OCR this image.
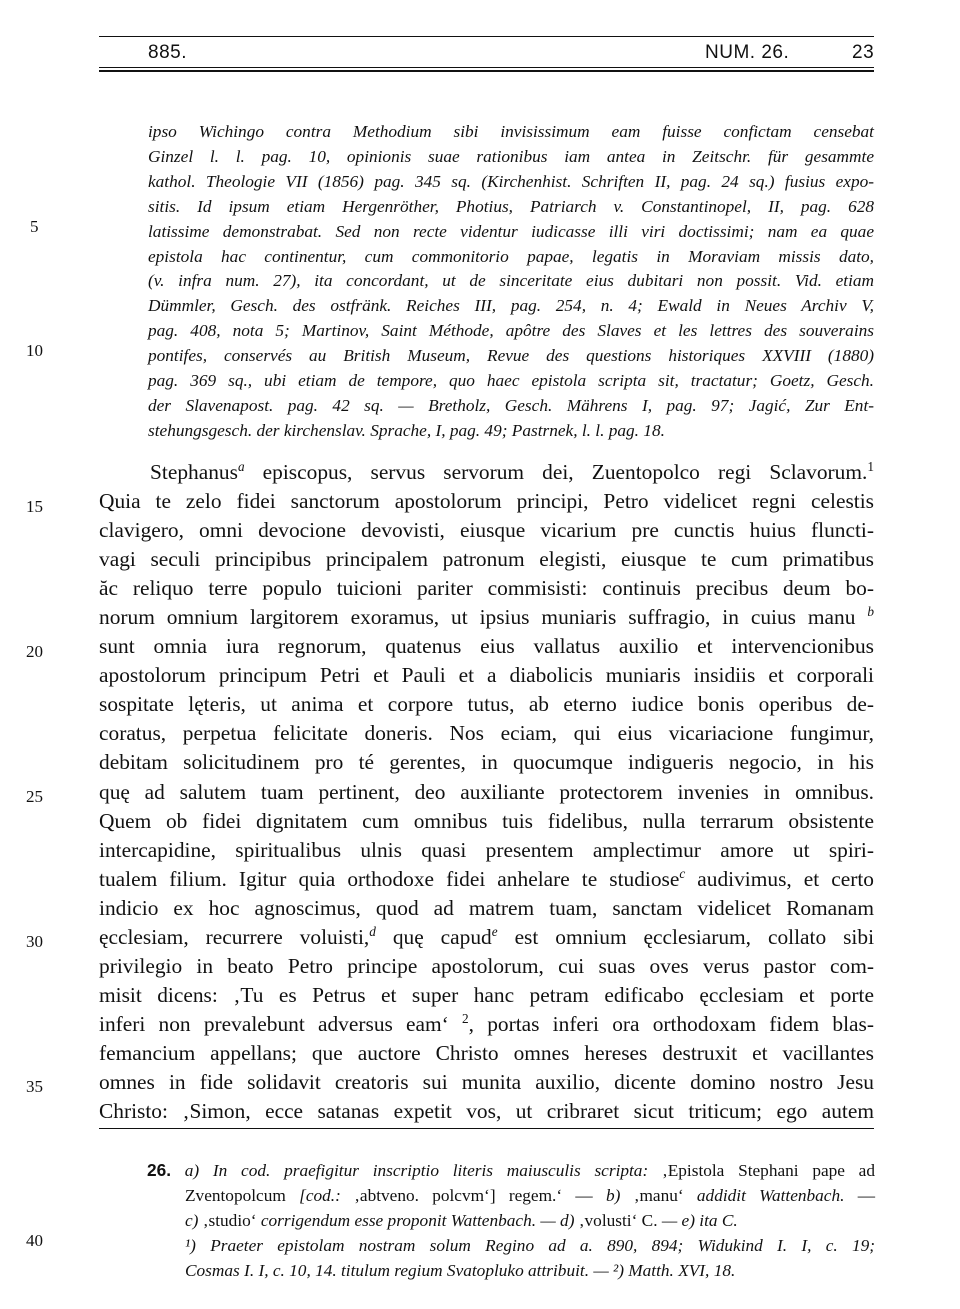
885.	NUM. 26.	23
5
10
15
20
25
30
35
40
ipso Wichingo contra Methodium sibi invisissimum eam fuisse confictam censebat
Ginzel l. l. pag. 10, opinionis suae rationibus iam antea in Zeitschr. für gesammte
kathol. Theologie VII (1856) pag. 345 sq. (Kirchenhist. Schriften II, pag. 24 sq.) fusius expo-
sitis. Id ipsum etiam Hergenröther, Photius, Patriarch v. Constantinopel, II, pag. 628
latissime demonstrabat. Sed non recte videntur iudicasse illi viri doctissimi; nam ea quae
epistola hac continentur, cum commonitorio papae, legatis in Moraviam missis dato,
(v. infra num. 27), ita concordant, ut de sinceritate eius dubitari non possit. Vid. etiam
Dümmler, Gesch. des ostfränk. Reiches III, pag. 254, n. 4; Ewald in Neues Archiv V,
pag. 408, nota 5; Martinov, Saint Méthode, apôtre des Slaves et les lettres des souverains
pontifes, conservés au British Museum, Revue des questions historiques XXVIII (1880)
pag. 369 sq., ubi etiam de tempore, quo haec epistola scripta sit, tractatur; Goetz, Gesch.
der Slavenapost. pag. 42 sq. — Bretholz, Gesch. Mährens I, pag. 97; Jagić, Zur Ent-
stehungsgesch. der kirchenslav. Sprache, I, pag. 49; Pastrnek, l. l. pag. 18.
Stephanus$^a$ episcopus, servus servorum dei, Zuentopolco regi Sclavorum.$^1$
Quia te zelo fidei sanctorum apostolorum principi, Petro videlicet regni celestis
clavigero, omni devocione devovisti, eiusque vicarium pre cunctis huius fluncti-
vagi seculi principibus principalem patronum elegisti, eiusque te cum primatibus
ăc reliquo terre populo tuicioni pariter commisisti: continuis precibus deum bo-
norum omnium largitorem exoramus, ut ipsius muniaris suffragio, in cuius manu $^b$
sunt omnia iura regnorum, quatenus eius vallatus auxilio et intervencionibus
apostolorum principum Petri et Pauli et a diabolicis muniaris insidiis et corporali
sospitate lęteris, ut anima et corpore tutus, ab eterno iudice bonis operibus de-
coratus, perpetua felicitate doneris. Nos eciam, qui eius vicariacione fungimur,
debitam solicitudinem pro té gerentes, in quocumque indigueris negocio, in his
quę ad salutem tuam pertinent, deo auxiliante protectorem invenies in omnibus.
Quem ob fidei dignitatem cum omnibus tuis fidelibus, nulla terrarum obsistente
intercapidine, spiritualibus ulnis quasi presentem amplectimur amore ut spiri-
tualem filium. Igitur quia orthodoxe fidei anhelare te studiose$^c$ audivimus, et certo
indicio ex hoc agnoscimus, quod ad matrem tuam, sanctam videlicet Romanam
ęcclesiam, recurrere voluisti,$^d$ quę capud$^e$ est omnium ęcclesiarum, collato sibi
privilegio in beato Petro principe apostolorum, cui suas oves verus pastor com-
misit dicens: ‚Tu es Petrus et super hanc petram edificabo ęcclesiam et porte
inferi non prevalebunt adversus eam‘ $^2$, portas inferi ora orthodoxam fidem blas-
femancium appellans; que auctore Christo omnes hereses destruxit et vacillantes
omnes in fide solidavit creatoris sui munita auxilio, dicente domino nostro Jesu
Christo: ‚Simon, ecce satanas expetit vos, ut cribraret sicut triticum; ego autem
26. a) In cod. praefigitur inscriptio literis maiusculis scripta: ‚Epistola Stephani pape ad
Zventopolcum [cod.: ‚abtveno. polcvm‘] regem.‘ — b) ‚manu‘ addidit Wattenbach. —
c) ‚studio‘ corrigendum esse proponit Wattenbach. — d) ‚volusti‘ C. — e) ita C.
¹) Praeter epistolam nostram solum Regino ad a. 890, 894; Widukind I. I, c. 19;
Cosmas I. I, c. 10, 14. titulum regium Svatopluko attribuit. — ²) Matth. XVI, 18.
